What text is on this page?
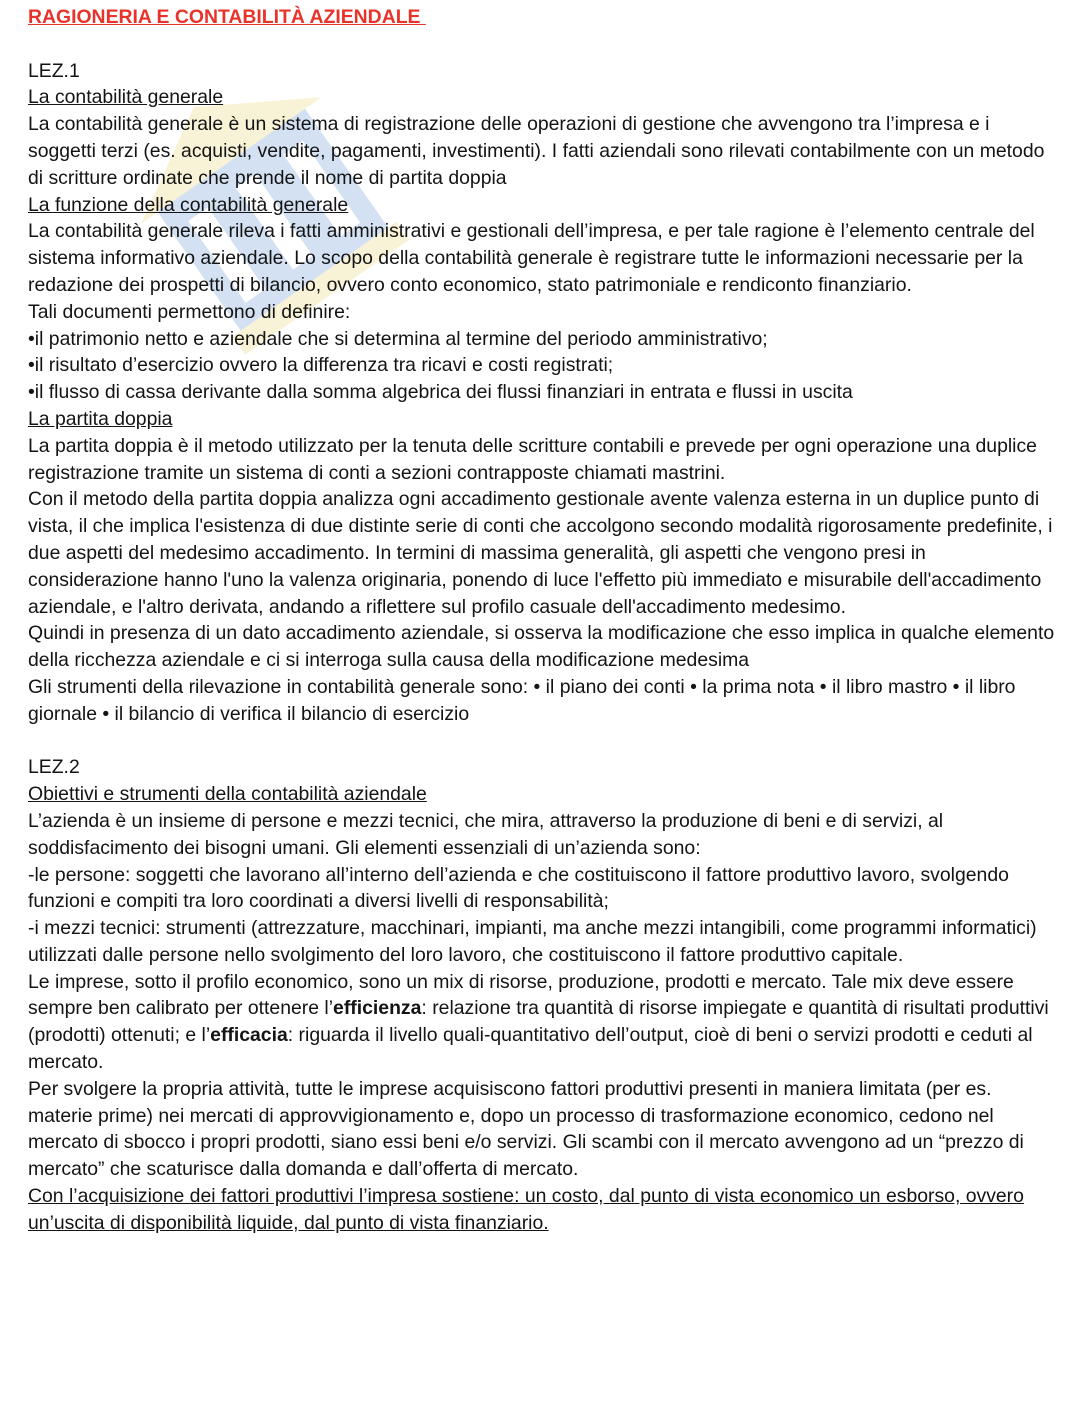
RAGIONERIA E CONTABILITÀ AZIENDALE

LEZ.1

La contabilità generale

La contabilità generale è un sistema di registrazione delle operazioni di gestione che avvengono tra l’impresa e i soggetti terzi (es. acquisti, vendite, pagamenti, investimenti). I fatti aziendali sono rilevati contabilmente con un metodo di scritture ordinate che prende il nome di partita doppia

La funzione della contabilità generale

La contabilità generale rileva i fatti amministrativi e gestionali dell’impresa, e per tale ragione è l’elemento centrale del sistema informativo aziendale. Lo scopo della contabilità generale è registrare tutte le informazioni necessarie per la redazione dei prospetti di bilancio, ovvero conto economico, stato patrimoniale e rendiconto finanziario.

Tali documenti permettono di definire:

•il patrimonio netto e aziendale che si determina al termine del periodo amministrativo;

•il risultato d’esercizio ovvero la differenza tra ricavi e costi registrati;

•il flusso di cassa derivante dalla somma algebrica dei flussi finanziari in entrata e flussi in uscita

La partita doppia

La partita doppia è il metodo utilizzato per la tenuta delle scritture contabili e prevede per ogni operazione una duplice registrazione tramite un sistema di conti a sezioni contrapposte chiamati mastrini.

Con il metodo della partita doppia analizza ogni accadimento gestionale avente valenza esterna in un duplice punto di vista, il che implica l'esistenza di due distinte serie di conti che accolgono secondo modalità rigorosamente predefinite, i due aspetti del medesimo accadimento. In termini di massima generalità, gli aspetti che vengono presi in considerazione hanno l'uno la valenza originaria, ponendo di luce l'effetto più immediato e misurabile dell'accadimento aziendale, e l'altro derivata, andando a riflettere sul profilo casuale dell'accadimento medesimo.

Quindi in presenza di un dato accadimento aziendale, si osserva la modificazione che esso implica in qualche elemento della ricchezza aziendale e ci si interroga sulla causa della modificazione medesima

Gli strumenti della rilevazione in contabilità generale sono: • il piano dei conti • la prima nota • il libro mastro • il libro giornale • il bilancio di verifica il bilancio di esercizio

LEZ.2

Obiettivi e strumenti della contabilità aziendale

L’azienda è un insieme di persone e mezzi tecnici, che mira, attraverso la produzione di beni e di servizi, al soddisfacimento dei bisogni umani. Gli elementi essenziali di un’azienda sono:

-le persone: soggetti che lavorano all’interno dell’azienda e che costituiscono il fattore produttivo lavoro, svolgendo funzioni e compiti tra loro coordinati a diversi livelli di responsabilità;

-i mezzi tecnici: strumenti (attrezzature, macchinari, impianti, ma anche mezzi intangibili, come programmi informatici) utilizzati dalle persone nello svolgimento del loro lavoro, che costituiscono il fattore produttivo capitale.

Le imprese, sotto il profilo economico, sono un mix di risorse, produzione, prodotti e mercato. Tale mix deve essere sempre ben calibrato per ottenere l’efficienza: relazione tra quantità di risorse impiegate e quantità di risultati produttivi (prodotti) ottenuti; e l’efficacia: riguarda il livello quali-quantitativo dell’output, cioè di beni o servizi prodotti e ceduti al mercato.

Per svolgere la propria attività, tutte le imprese acquisiscono fattori produttivi presenti in maniera limitata (per es. materie prime) nei mercati di approvvigionamento e, dopo un processo di trasformazione economico, cedono nel mercato di sbocco i propri prodotti, siano essi beni e/o servizi. Gli scambi con il mercato avvengono ad un “prezzo di mercato” che scaturisce dalla domanda e dall’offerta di mercato.

Con l’acquisizione dei fattori produttivi l’impresa sostiene: un costo, dal punto di vista economico un esborso, ovvero un’uscita di disponibilità liquide, dal punto di vista finanziario.
